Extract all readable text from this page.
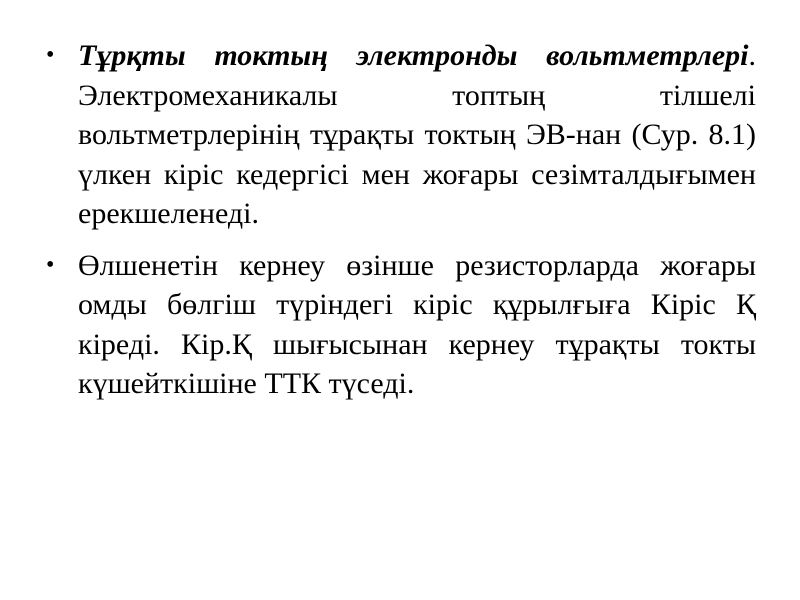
• Тұрқты токтың электронды вольтметрлері. Электромеханикалы топтың тілшелі вольтметрлерінің тұрақты токтың ЭВ-нан (Сур. 8.1) үлкен кіріс кедергісі мен жоғары сезімталдығымен ерекшеленеді.
• Өлшенетін кернеу өзінше резисторларда жоғары омды бөлгіш түріндегі кіріс құрылғыға Кіріс Қ кіреді. Кір.Қ шығысынан кернеу тұрақты токты күшейткішіне ТТК түседі.
